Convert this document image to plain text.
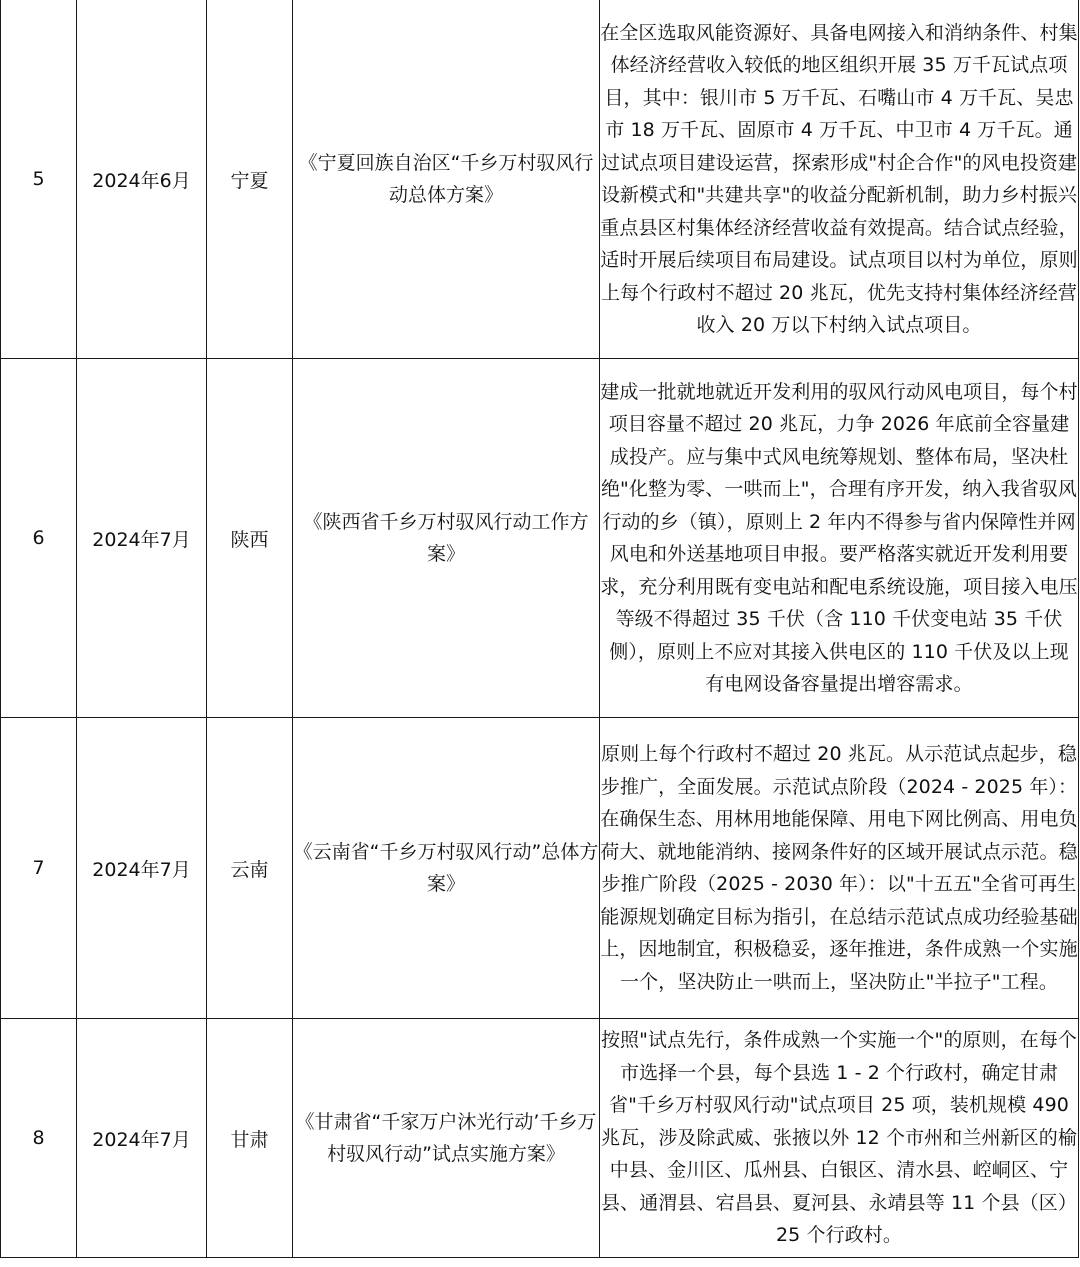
5	2024年6月	宁夏	《宁夏回族自治区“千乡万村驭风行动总体方案》	在全区选取风能资源好、具备电网接入和消纳条件、村集体经济经营收入较低的地区组织开展 35 万千瓦试点项目，其中：银川市 5 万千瓦、石嘴山市 4 万千瓦、吴忠市 18 万千瓦、固原市 4 万千瓦、中卫市 4 万千瓦。通过试点项目建设运营，探索形成"村企合作"的风电投资建设新模式和"共建共享"的收益分配新机制，助力乡村振兴重点县区村集体经济经营收益有效提高。结合试点经验，适时开展后续项目布局建设。试点项目以村为单位，原则上每个行政村不超过 20 兆瓦，优先支持村集体经济经营收入 20 万以下村纳入试点项目。
6	2024年7月	陕西	《陕西省千乡万村驭风行动工作方案》	建成一批就地就近开发利用的驭风行动风电项目，每个村项目容量不超过 20 兆瓦，力争 2026 年底前全容量建成投产。应与集中式风电统筹规划、整体布局，坚决杜绝"化整为零、一哄而上"，合理有序开发，纳入我省驭风行动的乡（镇），原则上 2 年内不得参与省内保障性并网风电和外送基地项目申报。要严格落实就近开发利用要求，充分利用既有变电站和配电系统设施，项目接入电压等级不得超过 35 千伏（含 110 千伏变电站 35 千伏侧），原则上不应对其接入供电区的 110 千伏及以上现有电网设备容量提出增容需求。
7	2024年7月	云南	《云南省“千乡万村驭风行动”总体方案》	原则上每个行政村不超过 20 兆瓦。从示范试点起步，稳步推广，全面发展。示范试点阶段（2024 - 2025 年）：在确保生态、用林用地能保障、用电下网比例高、用电负荷大、就地能消纳、接网条件好的区域开展试点示范。稳步推广阶段（2025 - 2030 年）：以"十五五"全省可再生能源规划确定目标为指引，在总结示范试点成功经验基础上，因地制宜，积极稳妥，逐年推进，条件成熟一个实施一个，坚决防止一哄而上，坚决防止"半拉子"工程。
8	2024年7月	甘肃	《甘肃省“千家万户沐光行动’千乡万村驭风行动”试点实施方案》	按照"试点先行，条件成熟一个实施一个"的原则，在每个市选择一个县，每个县选 1 - 2 个行政村，确定甘肃省"千乡万村驭风行动"试点项目 25 项，装机规模 490 兆瓦，涉及除武威、张掖以外 12 个市州和兰州新区的榆中县、金川区、瓜州县、白银区、清水县、崆峒区、宁县、通渭县、宕昌县、夏河县、永靖县等 11 个县（区）25 个行政村。
